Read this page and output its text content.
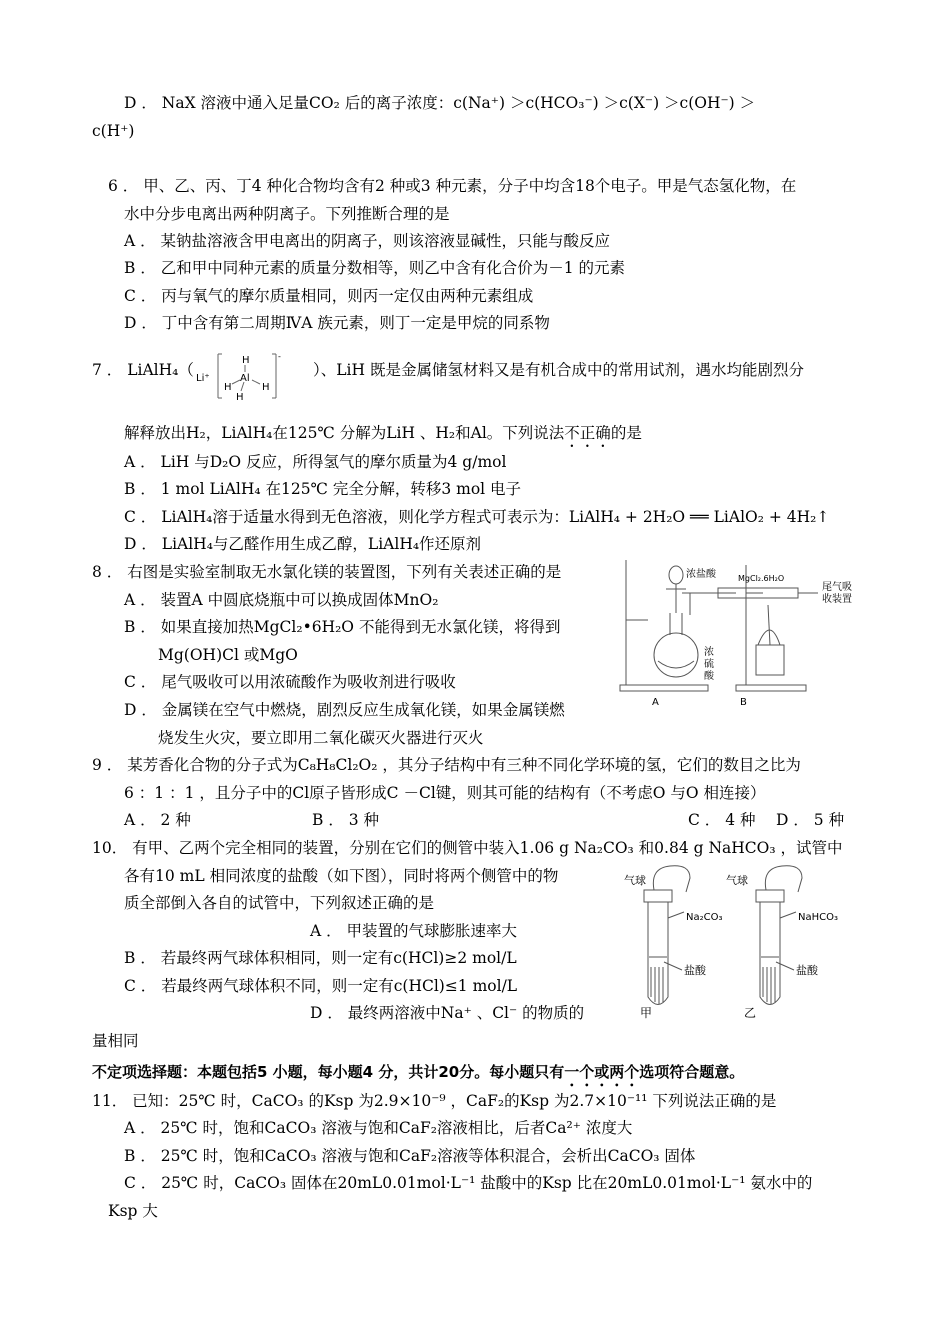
D ． NaX 溶液中通入足量CO₂ 后的离子浓度：c(Na⁺) ＞c(HCO₃⁻) ＞c(X⁻) ＞c(OH⁻) ＞
c(H⁺)
6 ． 甲、乙、丙、丁4 种化合物均含有2 种或3 种元素，分子中均含18个电子。甲是气态氢化物，在
水中分步电离出两种阴离子。下列推断合理的是
A ． 某钠盐溶液含甲电离出的阴离子，则该溶液显碱性，只能与酸反应
B ． 乙和甲中同种元素的质量分数相等，则乙中含有化合价为－1 的元素
C ． 丙与氧气的摩尔质量相同，则丙一定仅由两种元素组成
D ． 丁中含有第二周期ⅣA 族元素，则丁一定是甲烷的同系物
7 ． LiAlH₄（ Li⁺
-
H
Al
H	H
H
）、LiH 既是金属储氢材料又是有机合成中的常用试剂，遇水均能剧烈分
解释放出H₂，LiAlH₄在125℃ 分解为LiH 、H₂和Al。下列说法不正确的是
A ． LiH 与D₂O 反应，所得氢气的摩尔质量为4 g/mol
B ． 1 mol LiAlH₄ 在125℃ 完全分解，转移3 mol 电子
C ． LiAlH₄溶于适量水得到无色溶液，则化学方程式可表示为：LiAlH₄ + 2H₂O ══ LiAlO₂ + 4H₂↑
D ． LiAlH₄与乙醛作用生成乙醇，LiAlH₄作还原剂
8 ． 右图是实验室制取无水氯化镁的装置图，下列有关表述正确的是
A ． 装置A 中圆底烧瓶中可以换成固体MnO₂
B ． 如果直接加热MgCl₂•6H₂O 不能得到无水氯化镁，将得到
Mg(OH)Cl 或MgO
C ． 尾气吸收可以用浓硫酸作为吸收剂进行吸收
D ． 金属镁在空气中燃烧，剧烈反应生成氧化镁，如果金属镁燃
烧发生火灾，要立即用二氧化碳灭火器进行灭火
浓盐酸	MgCl₂.6H₂O
尾气吸
收装置
浓
硫
酸
A	B
9 ． 某芳香化合物的分子式为C₈H₈Cl₂O₂ ，其分子结构中有三种不同化学环境的氢，它们的数目之比为
6 ：1 ：1 ，且分子中的Cl原子皆形成C －Cl键，则其可能的结构有（不考虑O 与O 相连接）
A ． 2 种	B ． 3 种	C ． 4 种 D ． 5 种
10． 有甲、乙两个完全相同的装置，分别在它们的侧管中装入1.06 g Na₂CO₃ 和0.84 g NaHCO₃ ，试管中
各有10 mL 相同浓度的盐酸（如下图），同时将两个侧管中的物
质全部倒入各自的试管中，下列叙述正确的是
A ． 甲装置的气球膨胀速率大
B ． 若最终两气球体积相同，则一定有c(HCl)≥2 mol/L
C ． 若最终两气球体积不同，则一定有c(HCl)≤1 mol/L
D ． 最终两溶液中Na⁺ 、Cl⁻ 的物质的
量相同
气球	气球
Na₂CO₃	NaHCO₃
盐酸	盐酸
甲	乙
不定项选择题：本题包括5 小题，每小题4 分，共计20分。每小题只有一个或两个选项符合题意。
11． 已知：25℃ 时，CaCO₃ 的Ksp 为2.9×10⁻⁹ ，CaF₂的Ksp 为2.7×10⁻¹¹ 下列说法正确的是
A ． 25℃ 时，饱和CaCO₃ 溶液与饱和CaF₂溶液相比，后者Ca²⁺ 浓度大
B ． 25℃ 时，饱和CaCO₃ 溶液与饱和CaF₂溶液等体积混合，会析出CaCO₃ 固体
C ． 25℃ 时，CaCO₃ 固体在20mL0.01mol·L⁻¹ 盐酸中的Ksp 比在20mL0.01mol·L⁻¹ 氨水中的
Ksp 大
